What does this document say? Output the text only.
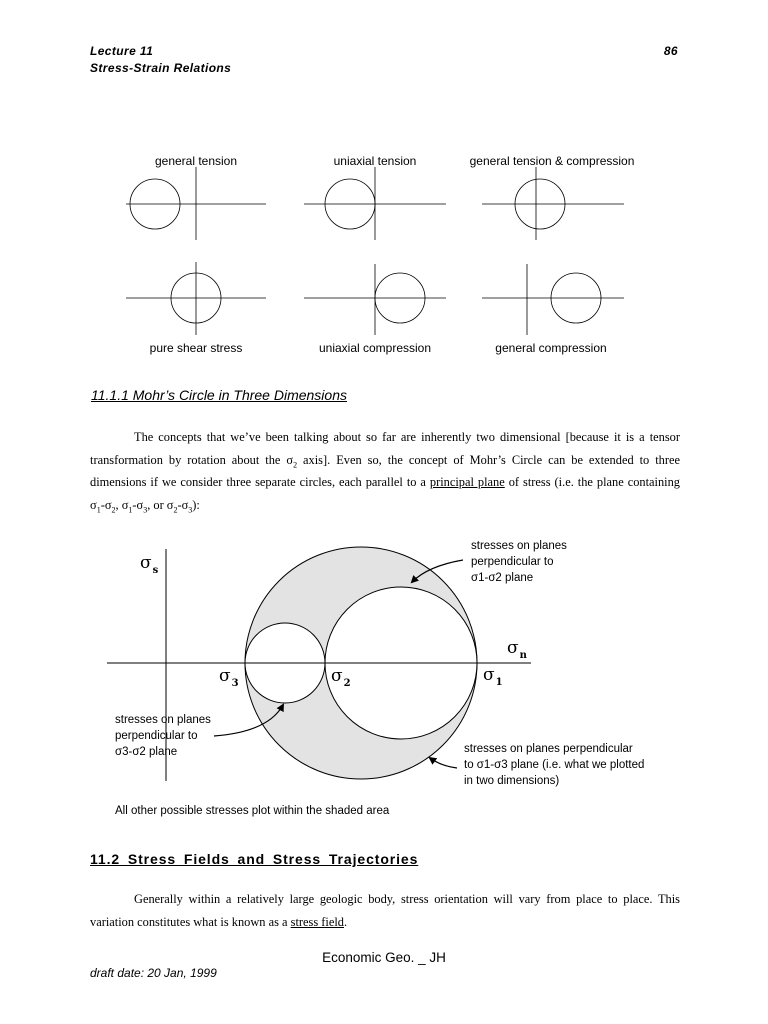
Lecture 11
Stress-Strain Relations
86
general tension	uniaxial tension	general tension & compression
pure shear stress	uniaxial compression	general compression
11.1.1 Mohr’s Circle in Three Dimensions
The concepts that we’ve been talking about so far are inherently two dimensional [because it is a tensor transformation by rotation about the $\sigma_2$ axis]. Even so, the concept of Mohr’s Circle can be extended to three dimensions if we consider three separate circles, each parallel to a principal plane of stress (i.e. the plane containing $\sigma_1-\sigma_2$, $\sigma_1-\sigma_3$, or $\sigma_2-\sigma_3$):
$\sigma_s$
$\sigma_n$
$\sigma_3$	$\sigma_2$	$\sigma_1$
stresses on planes perpendicular to σ1-σ2 plane
stresses on planes perpendicular to σ3-σ2 plane	stresses on planes perpendicular to σ1-σ3 plane (i.e. what we plotted in two dimensions)
All other possible stresses plot within the shaded area
11.2 Stress Fields and Stress Trajectories
Generally within a relatively large geologic body, stress orientation will vary from place to place. This variation constitutes what is known as a stress field.
Economic Geo. _ JH
draft date: 20 Jan, 1999
